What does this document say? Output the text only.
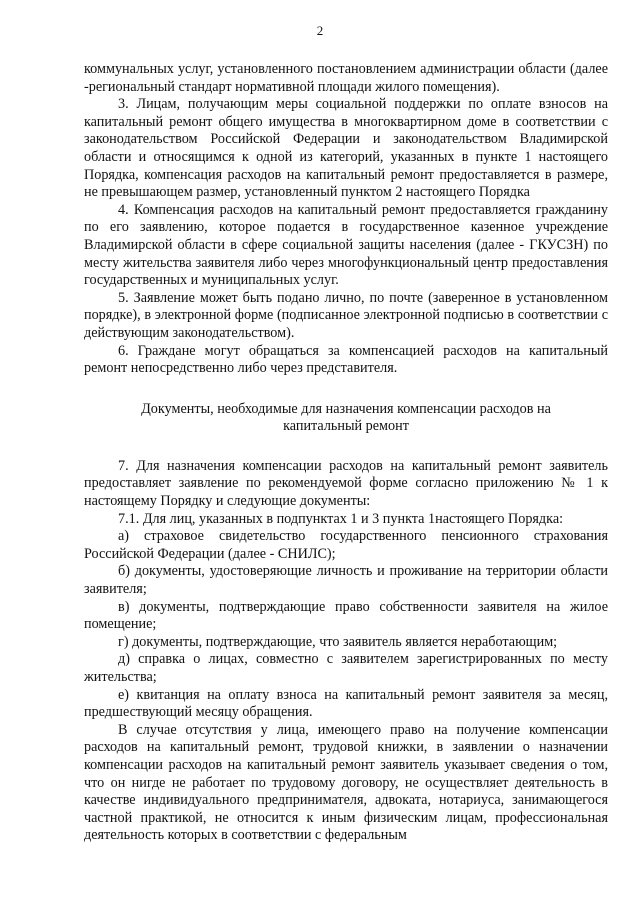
2

коммунальных услуг, установленного постановлением администрации области (далее -региональный стандарт нормативной площади жилого помещения).

3. Лицам, получающим меры социальной поддержки по оплате взносов на капитальный ремонт общего имущества в многоквартирном доме в соответствии с законодательством Российской Федерации и законодательством Владимирской области и относящимся к одной из категорий, указанных в пункте 1 настоящего Порядка, компенсация расходов на капитальный ремонт предоставляется в размере, не превышающем размер, установленный пунктом 2 настоящего Порядка

4. Компенсация расходов на капитальный ремонт предоставляется гражданину по его заявлению, которое подается в государственное казенное учреждение Владимирской области в сфере социальной защиты населения (далее - ГКУСЗН) по месту жительства заявителя либо через многофункциональный центр предоставления государственных и муниципальных услуг.

5. Заявление может быть подано лично, по почте (заверенное в установленном порядке), в электронной форме (подписанное электронной подписью в соответствии с действующим законодательством).

6. Граждане могут обращаться за компенсацией расходов на капитальный ремонт непосредственно либо через представителя.

Документы, необходимые для назначения компенсации расходов на капитальный ремонт

7. Для назначения компенсации расходов на капитальный ремонт заявитель предоставляет заявление по рекомендуемой форме согласно приложению № 1 к настоящему Порядку и следующие документы:

7.1. Для лиц, указанных в подпунктах 1 и 3 пункта 1настоящего Порядка:

а) страховое свидетельство государственного пенсионного страхования Российской Федерации (далее - СНИЛС);

б) документы, удостоверяющие личность и проживание на территории области заявителя;

в) документы, подтверждающие право собственности заявителя на жилое помещение;

г) документы, подтверждающие, что заявитель является неработающим;

д) справка о лицах, совместно с заявителем зарегистрированных по месту жительства;

е) квитанция на оплату взноса на капитальный ремонт заявителя за месяц, предшествующий месяцу обращения.

В случае отсутствия у лица, имеющего право на получение компенсации расходов на капитальный ремонт, трудовой книжки, в заявлении о назначении компенсации расходов на капитальный ремонт заявитель указывает сведения о том, что он нигде не работает по трудовому договору, не осуществляет деятельность в качестве индивидуального предпринимателя, адвоката, нотариуса, занимающегося частной практикой, не относится к иным физическим лицам, профессиональная деятельность которых в соответствии с федеральным
